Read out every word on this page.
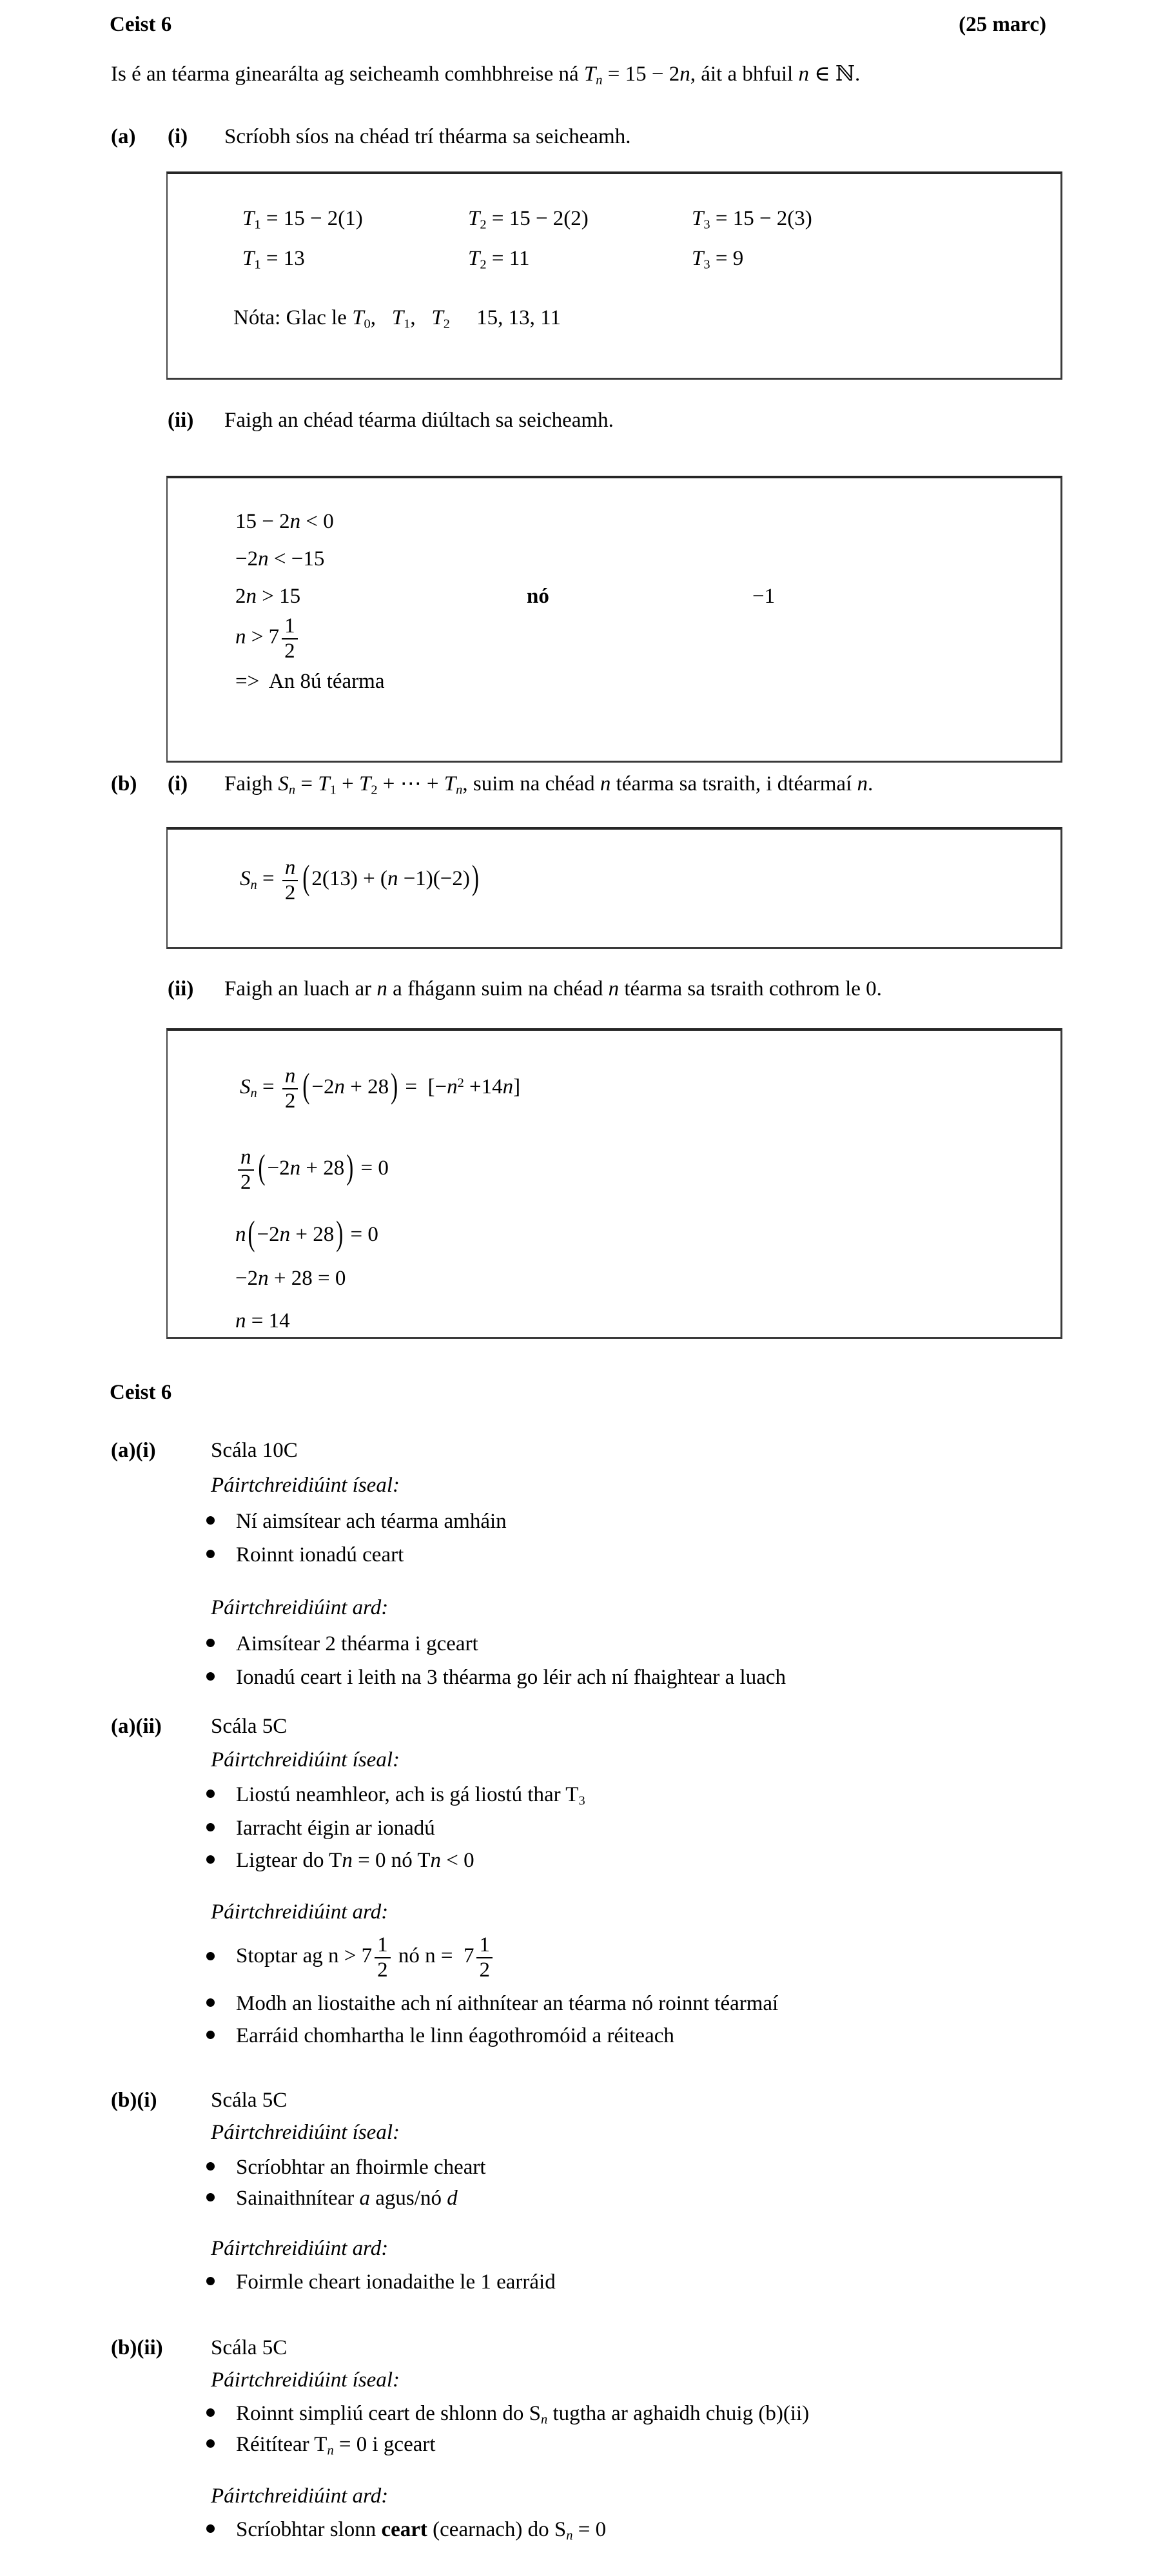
Ceist 6	(25 marc)
Is é an téarma ginearálta ag seicheamh comhbhreise ná $T_n = 15 - 2n$, áit a bhfuil n ∈ ℕ.
(a) (i) Scríobh síos na chéad trí théarma sa seicheamh.
$T_1 = 15 - 2(1)$	$T_2 = 15 - 2(2)$	$T_3 = 15 - 2(3)$
$T_1 = 13$	$T_2 = 11$	$T_3 = 9$
Nóta: Glac le $T_0$,   $T_1$,   $T_2$     15, 13, 11
(ii) Faigh an chéad téarma diúltach sa seicheamh.
15 − 2n < 0
−2n < −15
2n > 15	nó	−1
$n > 7 \frac{1}{2}$
=>  An 8ú téarma
(b) (i) Faigh $S_n = T_1 + T_2$ + ⋯ + $T_n$, suim na chéad n téarma sa tsraith, i dtéarmaí n.
$S_n = \frac{n}{2} (2(13) + (n -1)(-2))$
(ii) Faigh an luach ar n a fhágann suim na chéad n téarma sa tsraith cothrom le 0.
$S_n = \frac{n}{2} (-2n + 28) = [-n^2 +14n]$
$\frac{n}{2} (-2n + 28) = 0$
n(−2n + 28) = 0
−2n + 28 = 0
n = 14
Ceist 6
(a)(i)	Scála 10C
Páirtchreidiúint íseal:
Ní aimsítear ach téarma amháin
Roinnt ionadú ceart
Páirtchreidiúint ard:
Aimsítear 2 théarma i gceart
Ionadú ceart i leith na 3 théarma go léir ach ní fhaightear a luach
(a)(ii) Scála 5C
Páirtchreidiúint íseal:
Liostú neamhleor, ach is gá liostú thar $T_3$
Iarracht éigin ar ionadú
Ligtear do Tn = 0 nó Tn < 0
Páirtchreidiúint ard:
Stoptar ag $n > 7 \frac{1}{2}$ nó $n = 7 \frac{1}{2}$
Modh an liostaithe ach ní aithnítear an téarma nó roinnt téarmaí
Earráid chomhartha le linn éagothromóid a réiteach
(b)(i)	Scála 5C
Páirtchreidiúint íseal:
Scríobhtar an fhoirmle cheart
Sainaithnítear a agus/nó d
Páirtchreidiúint ard:
Foirmle cheart ionadaithe le 1 earráid
(b)(ii) Scála 5C
Páirtchreidiúint íseal:
Roinnt simpliú ceart de shlonn do $S_n$ tugtha ar aghaidh chuig (b)(ii)
Réitítear $T_n = 0$ i gceart
Páirtchreidiúint ard:
Scríobhtar slonn ceart (cearnach) do $S_n = 0$
